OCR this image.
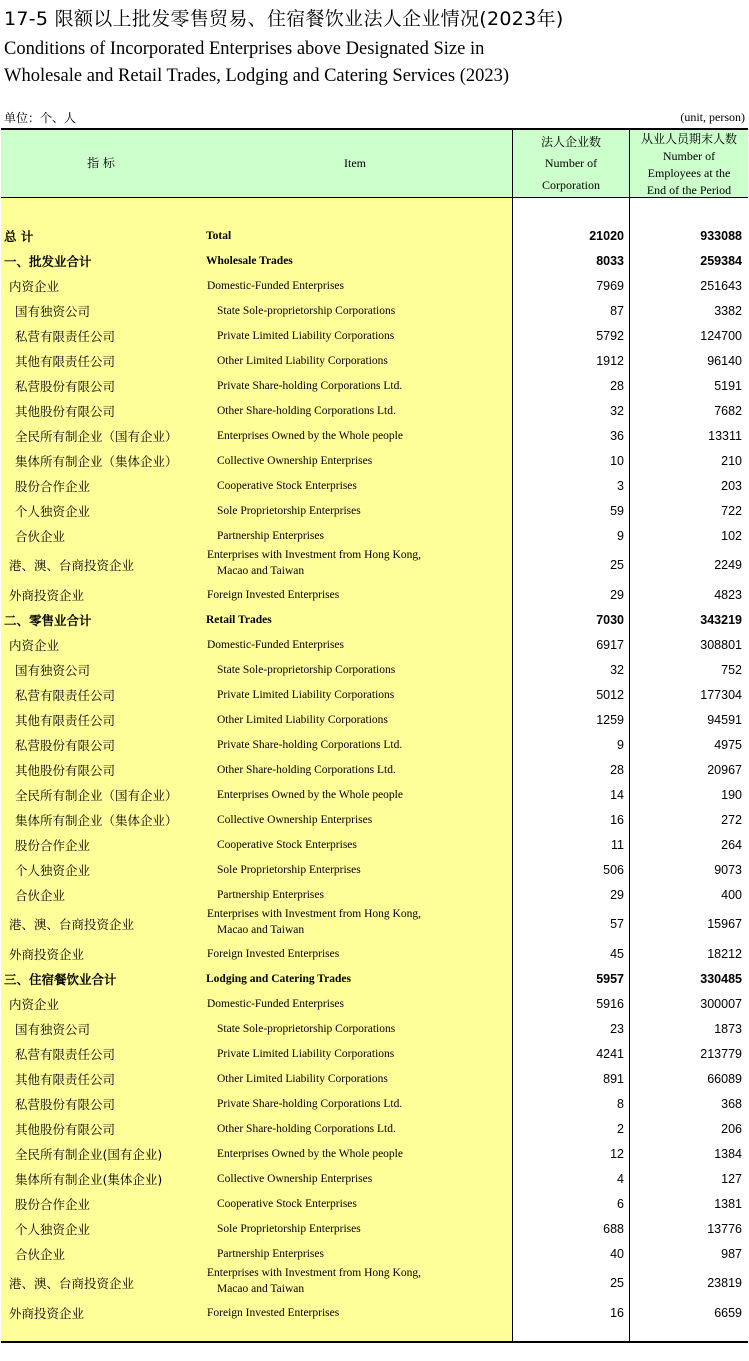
17-5 限额以上批发零售贸易、住宿餐饮业法人企业情况(2023年)
Conditions of Incorporated Enterprises above Designated Size in
Wholesale and Retail Trades, Lodging and Catering Services (2023)
单位：个、人	(unit, person)
指 标	Item
法人企业数
Number of
Corporation
从业人员期末人数
Number of
Employees at the
End of the Period
总 计	Total	21020	933088
一、批发业合计	Wholesale Trades	8033	259384
内资企业	Domestic-Funded Enterprises	7969	251643
国有独资公司	State Sole-proprietorship Corporations	87	3382
私营有限责任公司	Private Limited Liability Corporations	5792	124700
其他有限责任公司	Other Limited Liability Corporations	1912	96140
私营股份有限公司	Private Share-holding Corporations Ltd.	28	5191
其他股份有限公司	Other Share-holding Corporations Ltd.	32	7682
全民所有制企业（国有企业）	Enterprises Owned by the Whole people	36	13311
集体所有制企业（集体企业）	Collective Ownership Enterprises	10	210
股份合作企业	Cooperative Stock Enterprises	3	203
个人独资企业	Sole Proprietorship Enterprises	59	722
合伙企业	Partnership Enterprises	9	102
港、澳、台商投资企业
Enterprises with Investment from Hong Kong,
Macao and Taiwan	25	2249
外商投资企业	Foreign Invested Enterprises	29	4823
二、零售业合计	Retail Trades	7030	343219
内资企业	Domestic-Funded Enterprises	6917	308801
国有独资公司	State Sole-proprietorship Corporations	32	752
私营有限责任公司	Private Limited Liability Corporations	5012	177304
其他有限责任公司	Other Limited Liability Corporations	1259	94591
私营股份有限公司	Private Share-holding Corporations Ltd.	9	4975
其他股份有限公司	Other Share-holding Corporations Ltd.	28	20967
全民所有制企业（国有企业）	Enterprises Owned by the Whole people	14	190
集体所有制企业（集体企业）	Collective Ownership Enterprises	16	272
股份合作企业	Cooperative Stock Enterprises	11	264
个人独资企业	Sole Proprietorship Enterprises	506	9073
合伙企业	Partnership Enterprises	29	400
港、澳、台商投资企业
Enterprises with Investment from Hong Kong,
Macao and Taiwan	57	15967
外商投资企业	Foreign Invested Enterprises	45	18212
三、住宿餐饮业合计	Lodging and Catering Trades	5957	330485
内资企业	Domestic-Funded Enterprises	5916	300007
国有独资公司	State Sole-proprietorship Corporations	23	1873
私营有限责任公司	Private Limited Liability Corporations	4241	213779
其他有限责任公司	Other Limited Liability Corporations	891	66089
私营股份有限公司	Private Share-holding Corporations Ltd.	8	368
其他股份有限公司	Other Share-holding Corporations Ltd.	2	206
全民所有制企业(国有企业)	Enterprises Owned by the Whole people	12	1384
集体所有制企业(集体企业)	Collective Ownership Enterprises	4	127
股份合作企业	Cooperative Stock Enterprises	6	1381
个人独资企业	Sole Proprietorship Enterprises	688	13776
合伙企业	Partnership Enterprises	40	987
港、澳、台商投资企业
Enterprises with Investment from Hong Kong,
Macao and Taiwan	25	23819
外商投资企业	Foreign Invested Enterprises	16	6659
